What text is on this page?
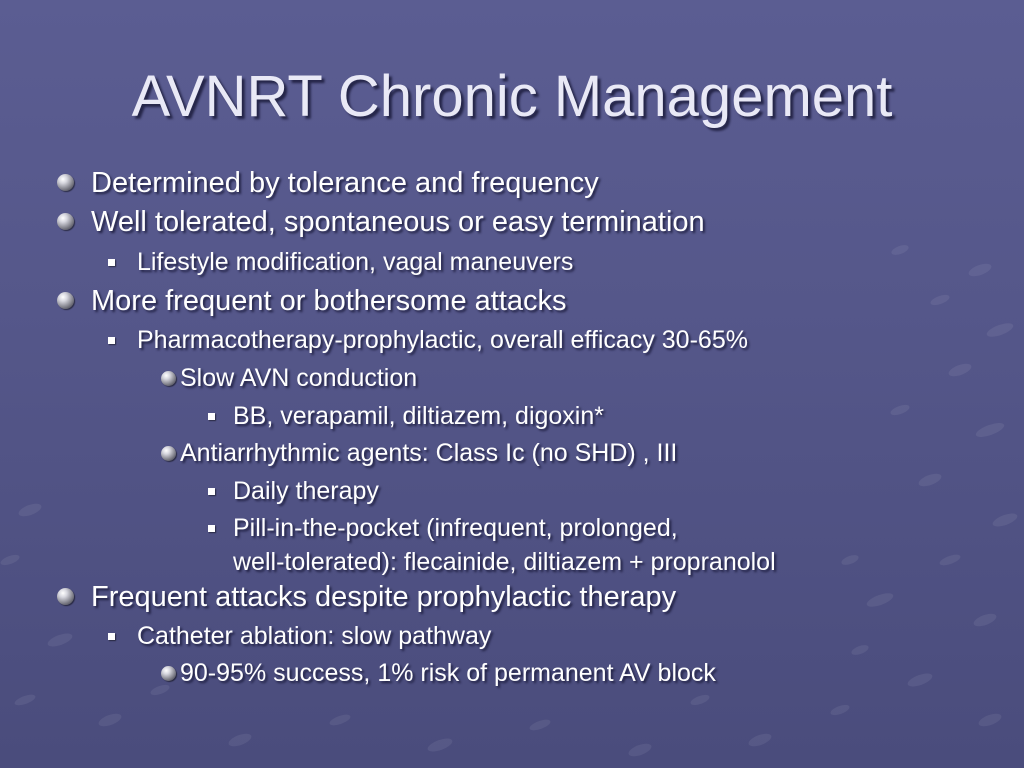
AVNRT Chronic Management
Determined by tolerance and frequency
Well tolerated, spontaneous or easy termination
Lifestyle modification, vagal maneuvers
More frequent or bothersome attacks
Pharmacotherapy-prophylactic, overall efficacy 30-65%
Slow AVN conduction
BB, verapamil, diltiazem, digoxin*
Antiarrhythmic agents: Class Ic (no SHD) , III
Daily therapy
Pill-in-the-pocket (infrequent, prolonged,
well-tolerated): flecainide, diltiazem + propranolol
Frequent attacks despite prophylactic therapy
Catheter ablation: slow pathway
90-95% success, 1% risk of permanent AV block
